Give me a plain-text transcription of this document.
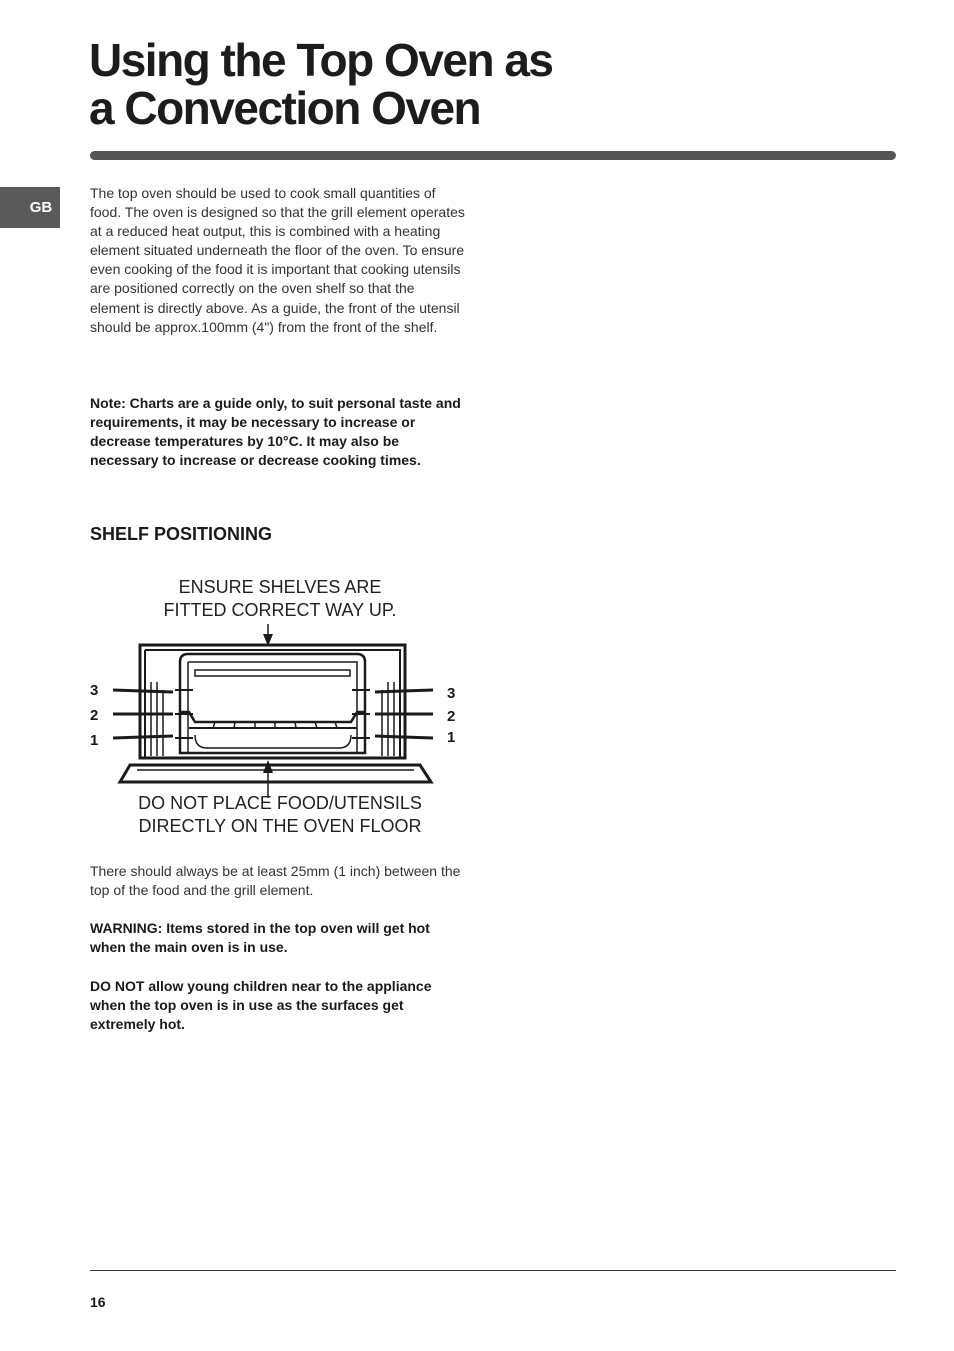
Using the Top Oven as
a Convection Oven
GB

The top oven should be used to cook small quantities of food. The oven is designed so that the grill element operates at a reduced heat output, this is combined with a heating element situated underneath the floor of the oven. To ensure even cooking of the food it is important that cooking utensils are positioned correctly on the oven shelf so that the element is directly above. As a guide, the front of the utensil should be approx.100mm (4") from the front of the shelf.

Note: Charts are a guide only, to suit personal taste and requirements, it may be necessary to increase or decrease temperatures by 10°C. It may also be necessary to increase or decrease cooking times.

SHELF POSITIONING
ENSURE SHELVES ARE
FITTED CORRECT WAY UP.
DO NOT PLACE FOOD/UTENSILS
DIRECTLY ON THE OVEN FLOOR
3
2
1
3
2
1

There should always be at least 25mm (1 inch) between the top of the food and the grill element.

WARNING: Items stored in the top oven will get hot when the main oven is in use.

DO NOT allow young children near to the appliance when the top oven is in use as the surfaces get extremely hot.

16
